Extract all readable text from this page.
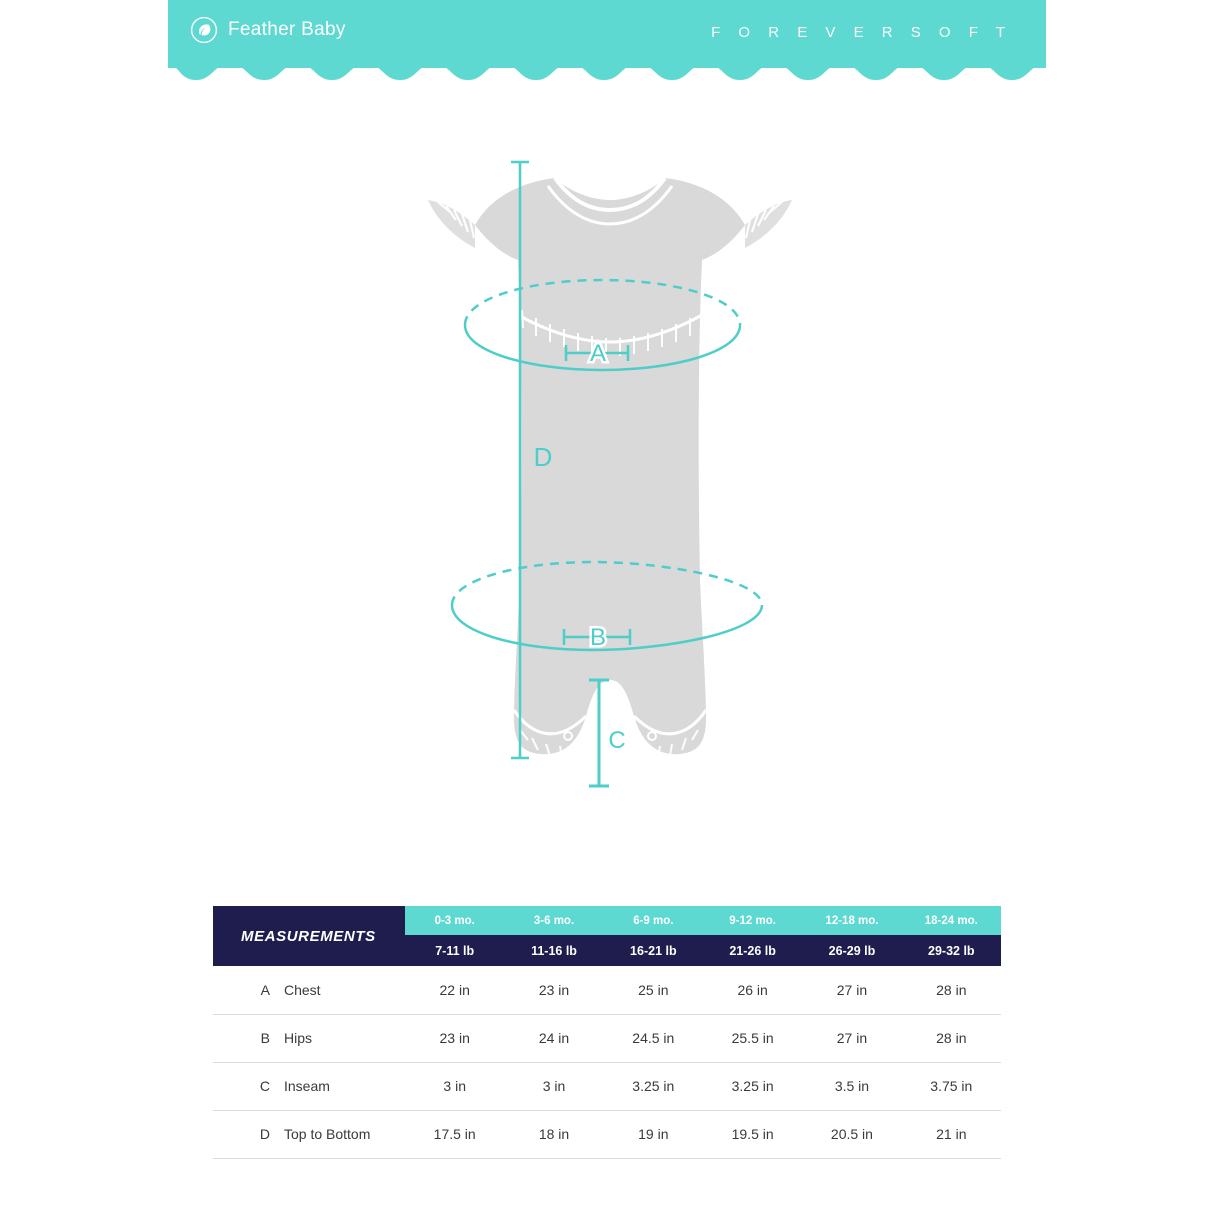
Feather Baby	F O R E V E R S O F T
D
A
B
C
MEASUREMENTS	0-3 mo.	3-6 mo.	6-9 mo.	9-12 mo.	12-18 mo.	18-24 mo.
	7-11 lb	11-16 lb	16-21 lb	21-26 lb	26-29 lb	29-32 lb

A Chest	22 in	23 in	25 in	26 in	27 in	28 in

B Hips	23 in	24 in	24.5 in	25.5 in	27 in	28 in

C Inseam	3 in	3 in	3.25 in	3.25 in	3.5 in	3.75 in

D Top to Bottom	17.5 in	18 in	19 in	19.5 in	20.5 in	21 in
